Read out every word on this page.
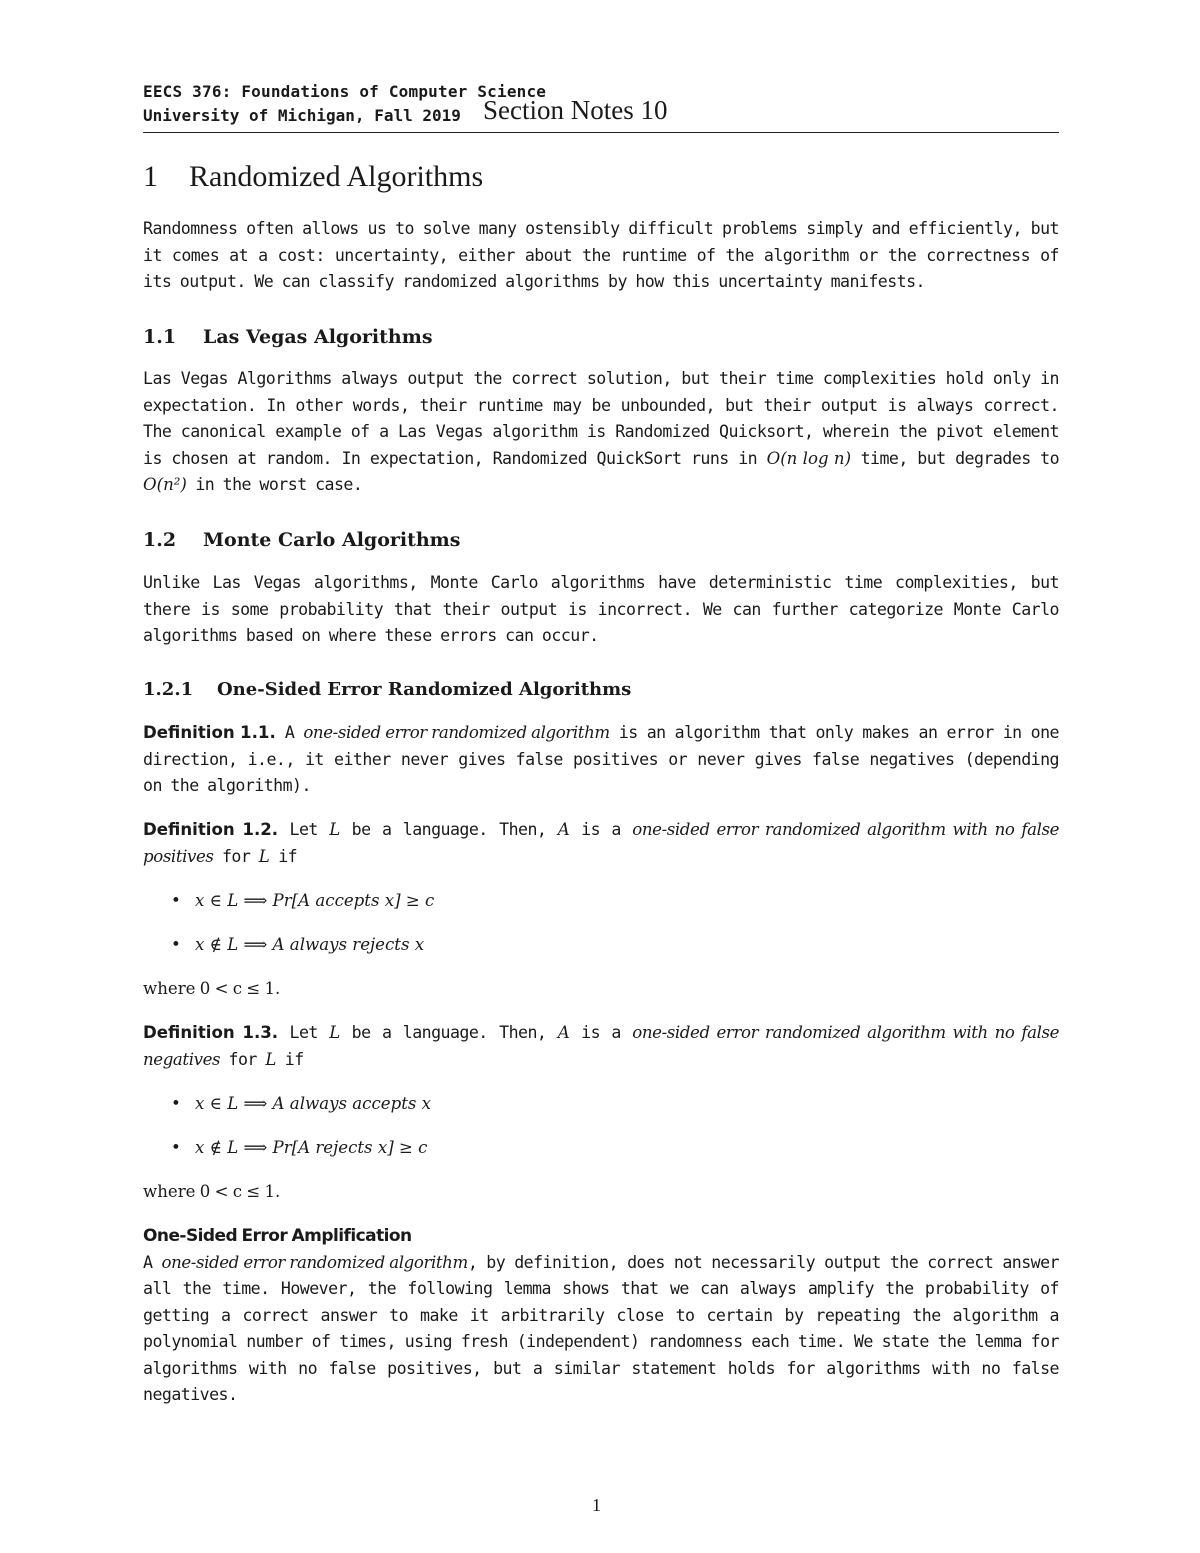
EECS 376: Foundations of Computer Science
University of Michigan, Fall 2019 Section Notes 10
1 Randomized Algorithms

Randomness often allows us to solve many ostensibly difficult problems simply and efficiently, but it comes at a cost: uncertainty, either about the runtime of the algorithm or the correctness of its output. We can classify randomized algorithms by how this uncertainty manifests.

1.1 Las Vegas Algorithms

Las Vegas Algorithms always output the correct solution, but their time complexities hold only in expectation. In other words, their runtime may be unbounded, but their output is always correct. The canonical example of a Las Vegas algorithm is Randomized Quicksort, wherein the pivot element is chosen at random. In expectation, Randomized QuickSort runs in O(n log n) time, but degrades to O(n²) in the worst case.

1.2 Monte Carlo Algorithms

Unlike Las Vegas algorithms, Monte Carlo algorithms have deterministic time complexities, but there is some probability that their output is incorrect. We can further categorize Monte Carlo algorithms based on where these errors can occur.

1.2.1 One-Sided Error Randomized Algorithms

Definition 1.1. A one-sided error randomized algorithm is an algorithm that only makes an error in one direction, i.e., it either never gives false positives or never gives false negatives (depending on the algorithm).

Definition 1.2. Let L be a language. Then, A is a one-sided error randomized algorithm with no false positives for L if

• x ∈ L ⟹ Pr[A accepts x] ≥ c
• x ∉ L ⟹ A always rejects x

where 0 < c ≤ 1.

Definition 1.3. Let L be a language. Then, A is a one-sided error randomized algorithm with no false negatives for L if

• x ∈ L ⟹ A always accepts x
• x ∉ L ⟹ Pr[A rejects x] ≥ c

where 0 < c ≤ 1.

One-Sided Error Amplification
A one-sided error randomized algorithm, by definition, does not necessarily output the correct answer all the time. However, the following lemma shows that we can always amplify the probability of getting a correct answer to make it arbitrarily close to certain by repeating the algorithm a polynomial number of times, using fresh (independent) randomness each time. We state the lemma for algorithms with no false positives, but a similar statement holds for algorithms with no false negatives.

1
